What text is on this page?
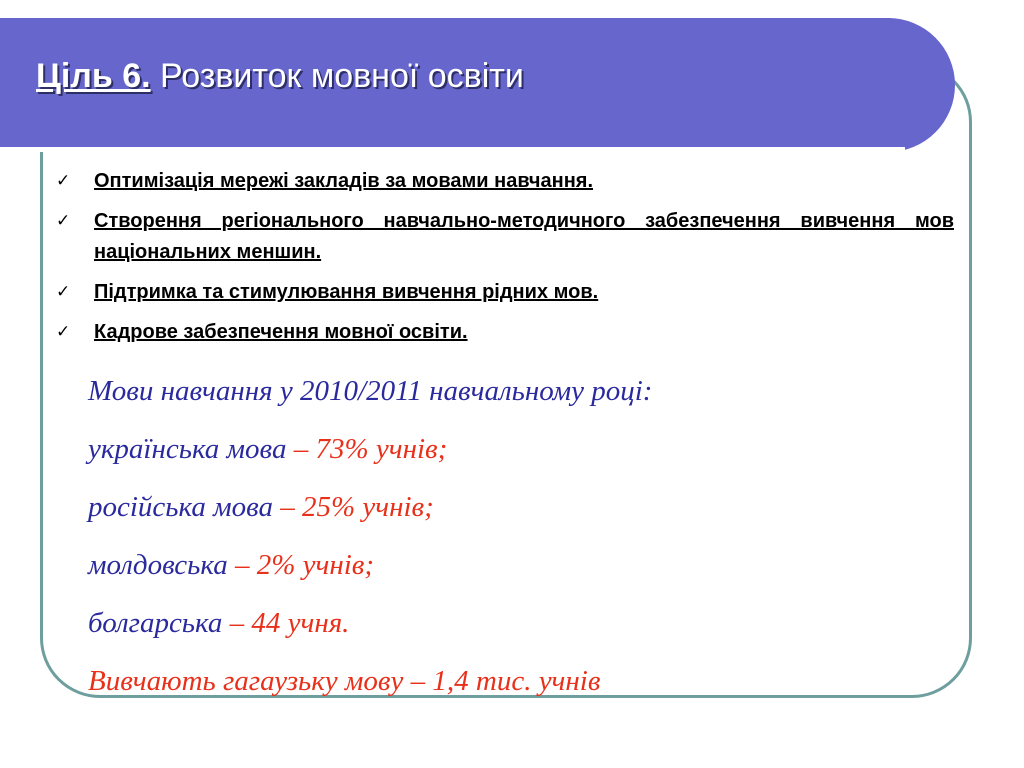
Ціль 6. Розвиток мовної освіти
✓ Оптимізація мережі закладів за мовами навчання.
✓ Створення регіонального навчально-методичного забезпечення вивчення мов національних меншин.
✓ Підтримка та стимулювання вивчення рідних мов.
✓ Кадрове забезпечення мовної освіти.
Мови навчання у 2010/2011 навчальному році:
українська мова – 73% учнів;
російська мова – 25% учнів;
молдовська – 2% учнів;
болгарська – 44 учня.
Вивчають гагаузьку мову – 1,4 тис. учнів
